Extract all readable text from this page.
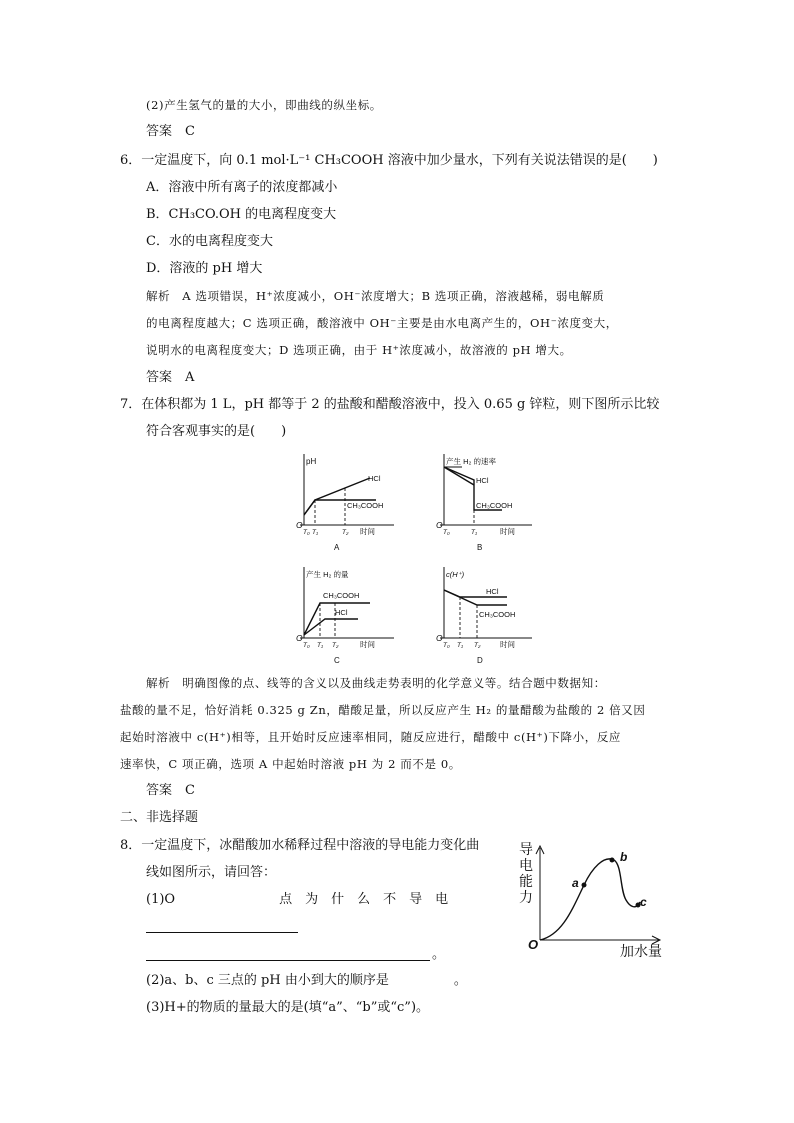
(2)产生氢气的量的大小，即曲线的纵坐标。
答案　C
6．一定温度下，向 0.1 mol·L⁻¹ CH₃COOH 溶液中加少量水，下列有关说法错误的是(　　)
A．溶液中所有离子的浓度都减小
B．CH₃CO.OH 的电离程度变大
C．水的电离程度变大
D．溶液的 pH 增大
解析　A 选项错误，H⁺浓度减小，OH⁻浓度增大；B 选项正确，溶液越稀，弱电解质
的电离程度越大；C 选项正确，酸溶液中 OH⁻主要是由水电离产生的，OH⁻浓度变大，
说明水的电离程度变大；D 选项正确，由于 H⁺浓度减小，故溶液的 pH 增大。
答案　A
7．在体积都为 1 L，pH 都等于 2 的盐酸和醋酸溶液中，投入 0.65 g 锌粒，则下图所示比较
符合客观事实的是(　　)
pH
HCl
CH₃COOH
O
T₀ T₁	T₂ 时间
A
产生 H₂ 的速率
HCl
CH₃COOH
O
T₀	T₁	时间
B
产生 H₂ 的量
CH₃COOH
HCl
O
T₀ T₁ T₂	时间
C
c(H⁺)
HCl
CH₃COOH
O
T₀ T₁ T₂	时间
D
解析　明确图像的点、线等的含义以及曲线走势表明的化学意义等。结合题中数据知：
盐酸的量不足，恰好消耗 0.325 g Zn，醋酸足量，所以反应产生 H₂ 的量醋酸为盐酸的 2 倍又因
起始时溶液中 c(H⁺)相等，且开始时反应速率相同，随反应进行，醋酸中 c(H⁺)下降小，反应
速率快，C 项正确，选项 A 中起始时溶液 pH 为 2 而不是 0。
答案　C
二、非选择题
8．一定温度下，冰醋酸加水稀释过程中溶液的导电能力变化曲
线如图所示，请回答：
(1)O　　　　　　　　点　为　什　么　不　导　电
。
(2)a、b、c 三点的 pH 由小到大的顺序是　　　　　。
(3)H+的物质的量最大的是(填“a”、“b”或“c”)。
导
电
能
力
a
b
c
O	加水量
